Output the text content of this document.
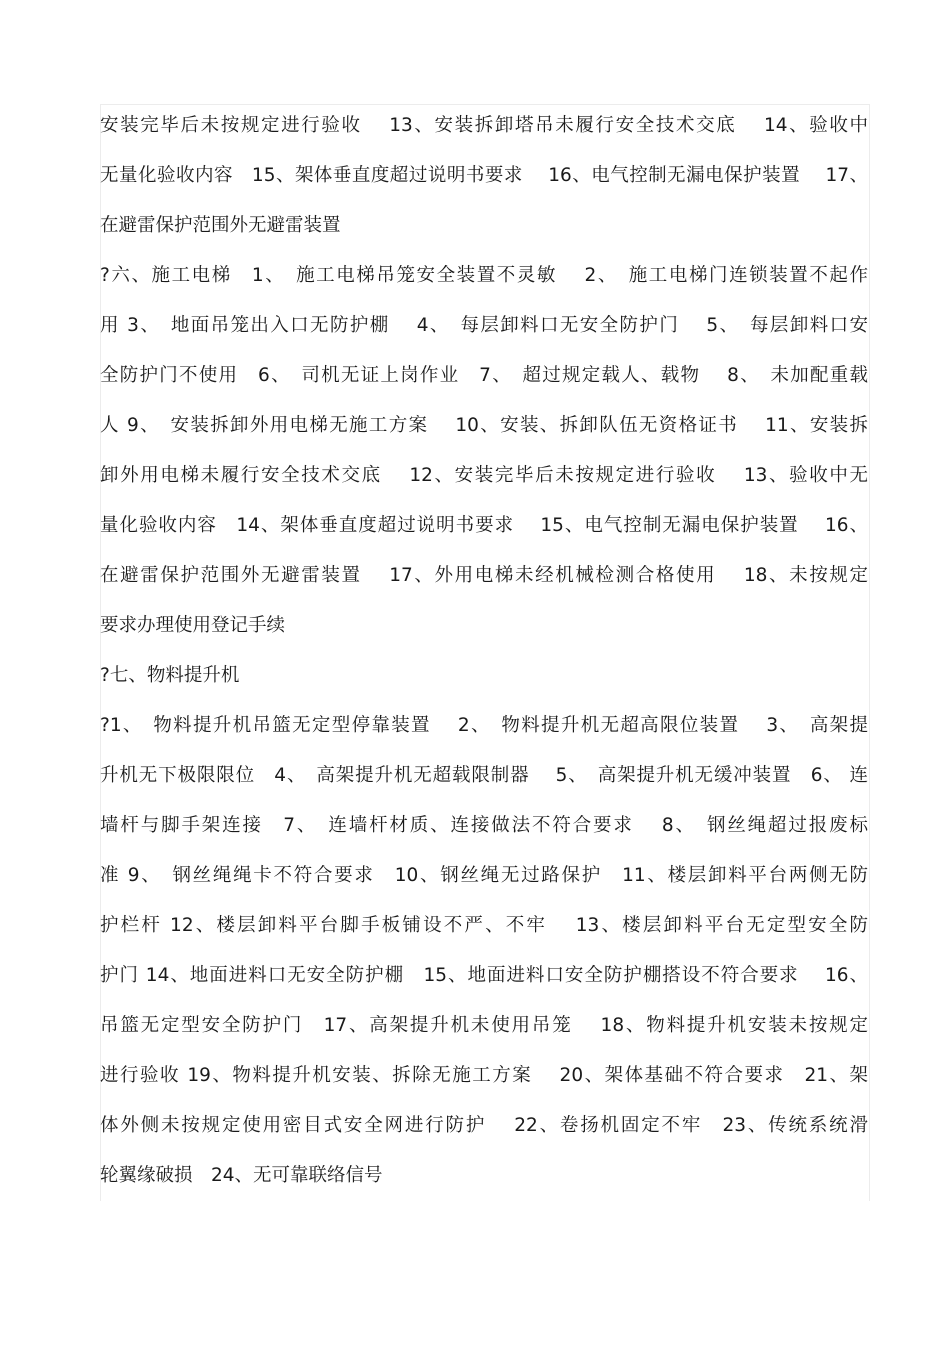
安装完毕后未按规定进行验收　 13、安装拆卸塔吊未履行安全技术交底　 14、验收中
无量化验收内容　15、架体垂直度超过说明书要求　 16、电气控制无漏电保护装置　 17、
在避雷保护范围外无避雷装置
?六、施工电梯　1、　施工电梯吊笼安全装置不灵敏　 2、　施工电梯门连锁装置不起作
用 3、　地面吊笼出入口无防护棚　 4、　每层卸料口无安全防护门　 5、　每层卸料口安
全防护门不使用　6、　司机无证上岗作业　7、　超过规定载人、载物　 8、　未加配重载
人 9、　安装拆卸外用电梯无施工方案　 10、安装、拆卸队伍无资格证书　 11、安装拆
卸外用电梯未履行安全技术交底　 12、安装完毕后未按规定进行验收　 13、验收中无
量化验收内容　14、架体垂直度超过说明书要求　 15、电气控制无漏电保护装置　 16、
在避雷保护范围外无避雷装置　 17、外用电梯未经机械检测合格使用　 18、未按规定
要求办理使用登记手续
?七、物料提升机
?1、　物料提升机吊篮无定型停靠装置　 2、　物料提升机无超高限位装置　 3、　高架提
升机无下极限限位　4、　高架提升机无超载限制器　 5、　高架提升机无缓冲装置　6、 连
墙杆与脚手架连接　7、　连墙杆材质、连接做法不符合要求　 8、　钢丝绳超过报废标
准 9、　钢丝绳绳卡不符合要求　10、钢丝绳无过路保护　11、楼层卸料平台两侧无防
护栏杆 12、楼层卸料平台脚手板铺设不严、不牢　 13、楼层卸料平台无定型安全防
护门 14、地面进料口无安全防护棚　15、地面进料口安全防护棚搭设不符合要求　 16、
吊篮无定型安全防护门　17、高架提升机未使用吊笼　 18、物料提升机安装未按规定
进行验收 19、物料提升机安装、拆除无施工方案　 20、架体基础不符合要求　21、架
体外侧未按规定使用密目式安全网进行防护　 22、卷扬机固定不牢　23、传统系统滑
轮翼缘破损　24、无可靠联络信号
